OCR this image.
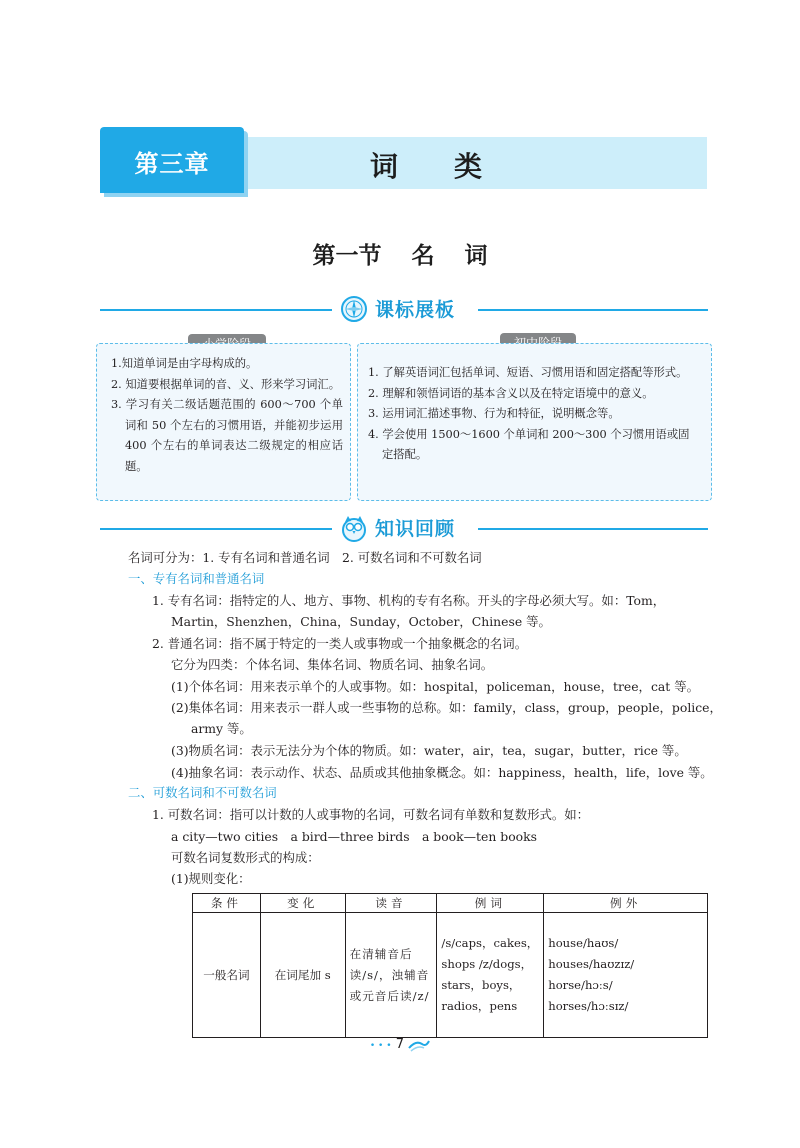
第三章	词类
第一节 名 词
课标展板
1.知道单词是由字母构成的。
2. 知道要根据单词的音、义、形来学习词汇。
3. 学习有关二级话题范围的 600～700 个单词和 50 个左右的习惯用语，并能初步运用 400 个左右的单词表达二级规定的相应话题。
1. 了解英语词汇包括单词、短语、习惯用语和固定搭配等形式。
2. 理解和领悟词语的基本含义以及在特定语境中的意义。
3. 运用词汇描述事物、行为和特征，说明概念等。
4. 学会使用 1500～1600 个单词和 200～300 个习惯用语或固定搭配。
知识回顾
名词可分为：1. 专有名词和普通名词　2. 可数名词和不可数名词
一、专有名词和普通名词
1. 专有名词：指特定的人、地方、事物、机构的专有名称。开头的字母必须大写。如：Tom，
Martin，Shenzhen，China，Sunday，October，Chinese 等。
2. 普通名词：指不属于特定的一类人或事物或一个抽象概念的名词。
它分为四类：个体名词、集体名词、物质名词、抽象名词。
(1)个体名词：用来表示单个的人或事物。如：hospital，policeman，house，tree，cat 等。
(2)集体名词：用来表示一群人或一些事物的总称。如：family，class，group，people，police，
army 等。
(3)物质名词：表示无法分为个体的物质。如：water，air，tea，sugar，butter，rice 等。
(4)抽象名词：表示动作、状态、品质或其他抽象概念。如：happiness，health，life，love 等。
二、可数名词和不可数名词
1. 可数名词：指可以计数的人或事物的名词，可数名词有单数和复数形式。如：
a city—two cities　a bird—three birds　a book—ten books
可数名词复数形式的构成：
(1)规则变化：
条件	变化	读音	例词	例外
一般名词	在词尾加 s	在清辅音后读/s/，浊辅音或元音后读/z/	/s/caps，cakes，shops /z/dogs，stars，boys，radios，pens	house/haʊs/
houses/haʊzɪz/
horse/hɔːs/
horses/hɔːsɪz/
• • • 7
